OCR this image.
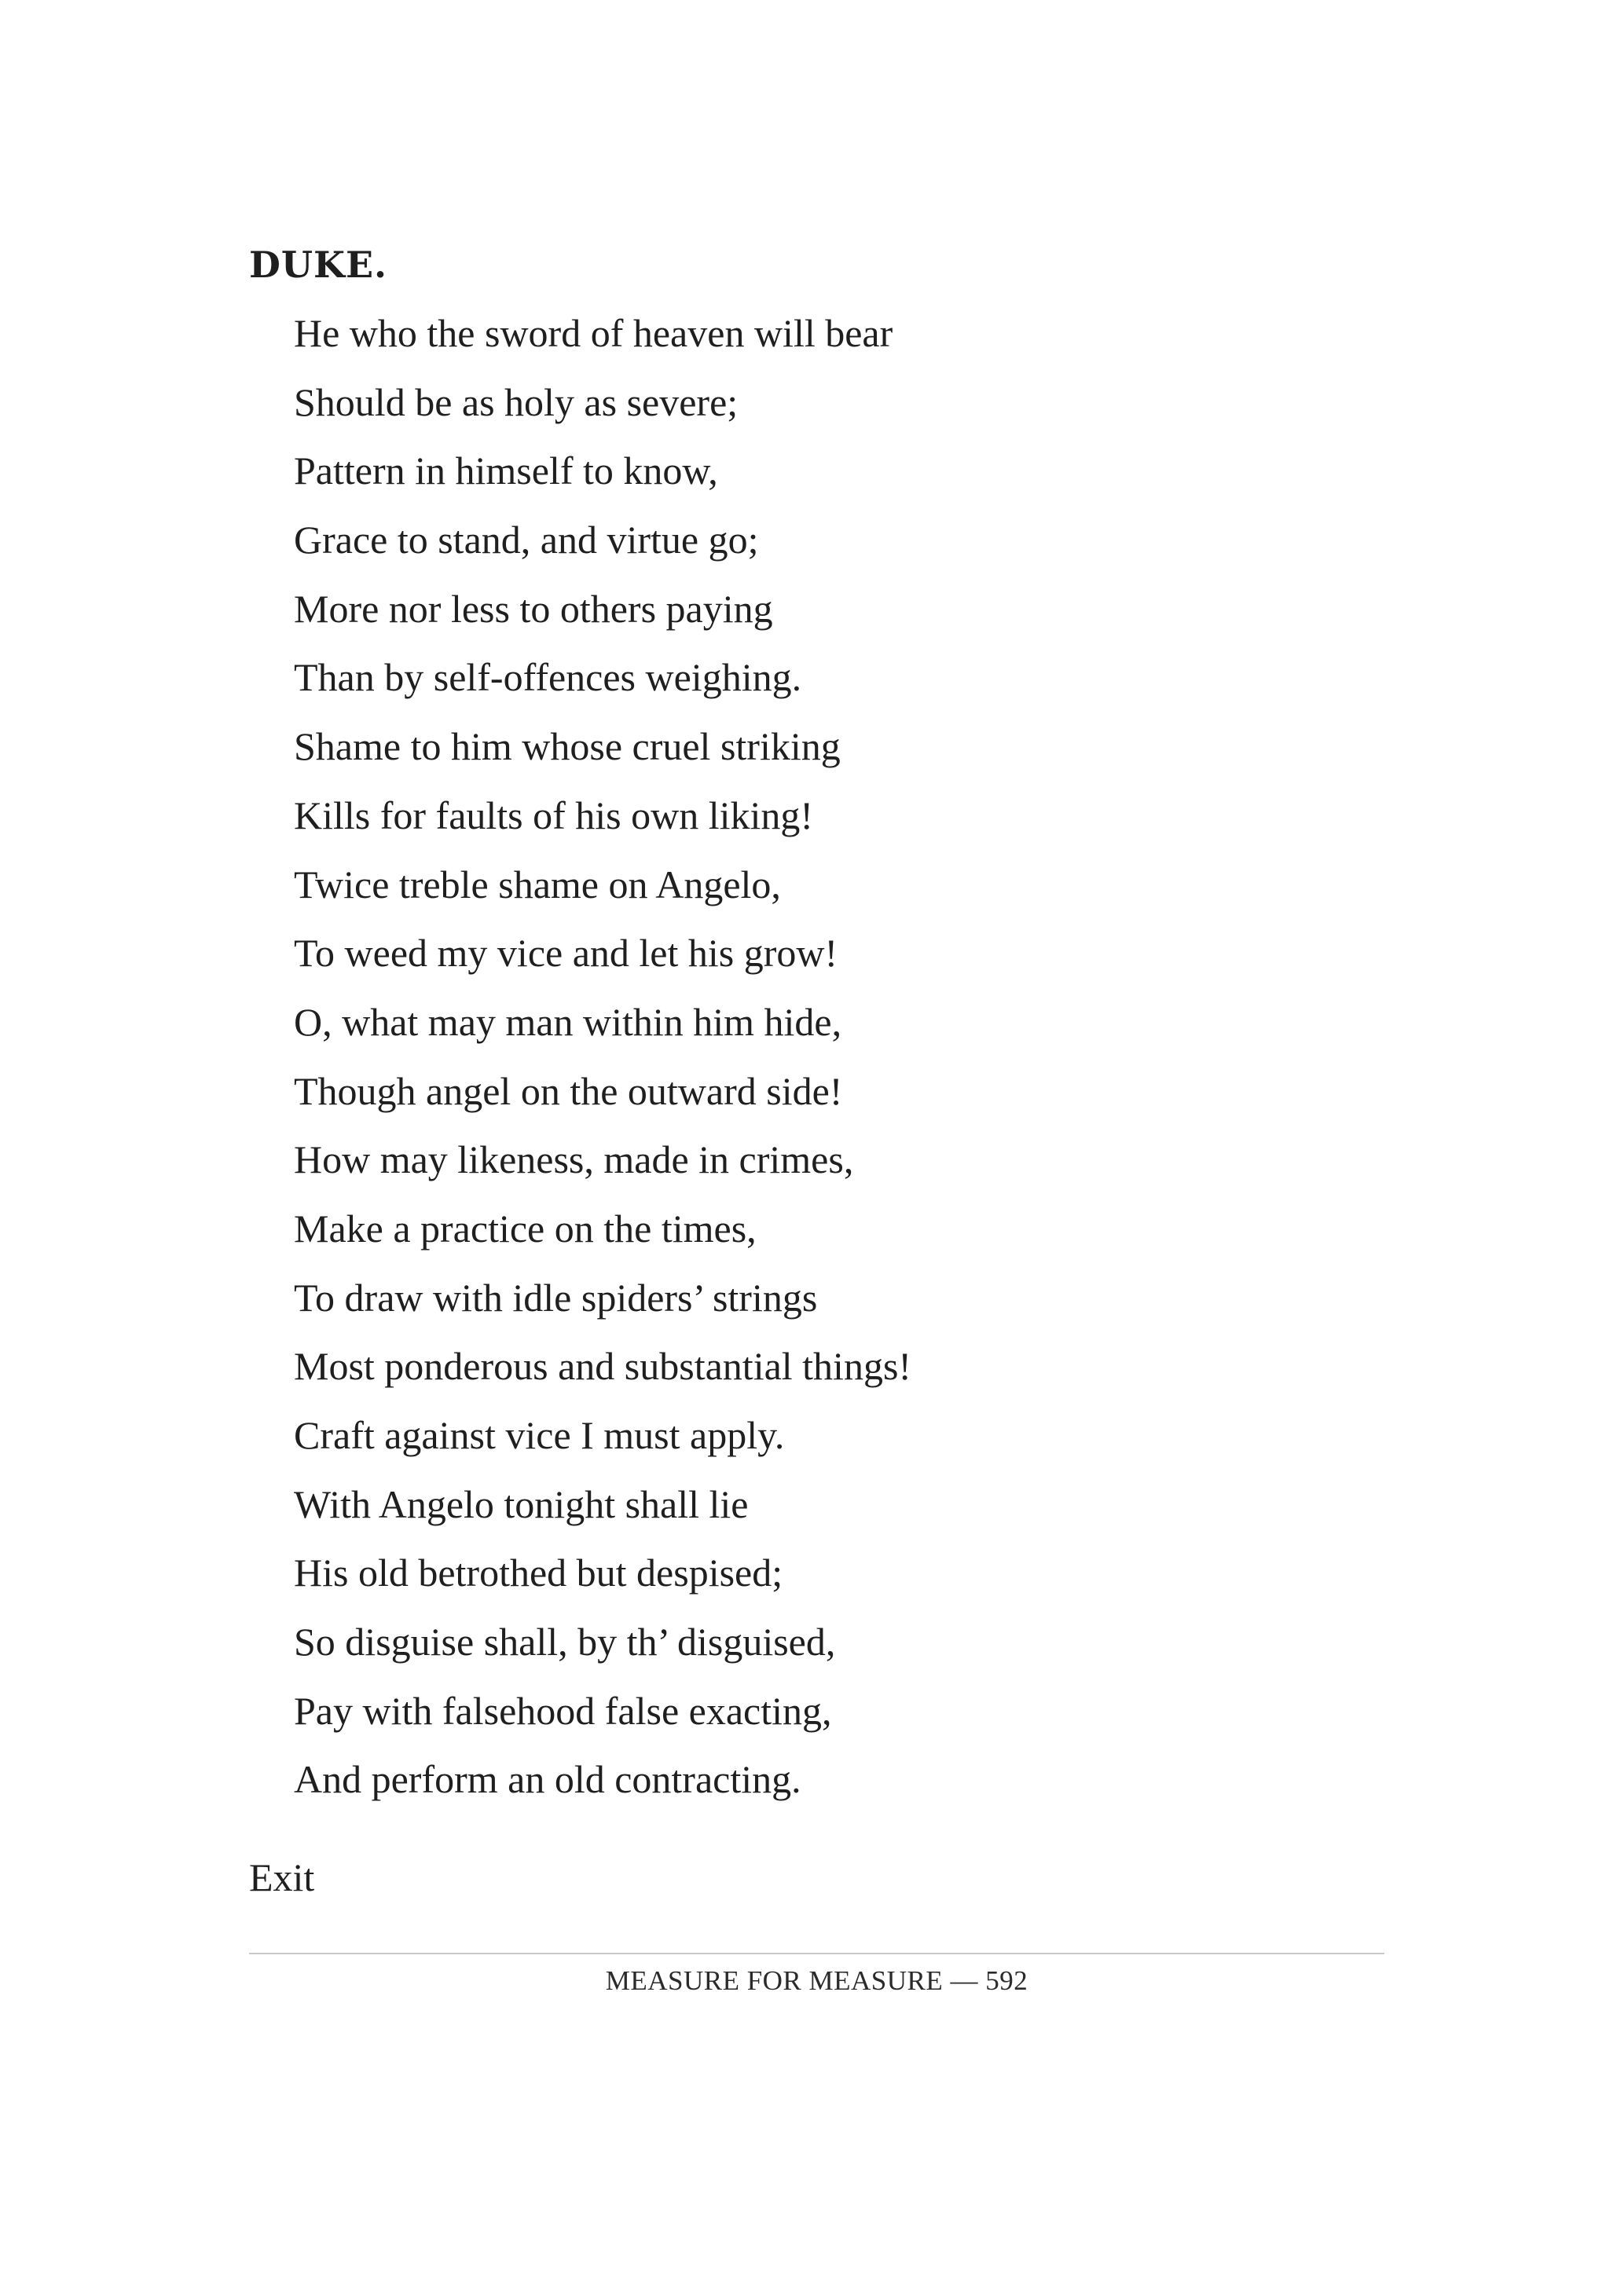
DUKE.
He who the sword of heaven will bear
Should be as holy as severe;
Pattern in himself to know,
Grace to stand, and virtue go;
More nor less to others paying
Than by self-offences weighing.
Shame to him whose cruel striking
Kills for faults of his own liking!
Twice treble shame on Angelo,
To weed my vice and let his grow!
O, what may man within him hide,
Though angel on the outward side!
How may likeness, made in crimes,
Make a practice on the times,
To draw with idle spiders’ strings
Most ponderous and substantial things!
Craft against vice I must apply.
With Angelo tonight shall lie
His old betrothed but despised;
So disguise shall, by th’ disguised,
Pay with falsehood false exacting,
And perform an old contracting.

Exit

MEASURE FOR MEASURE — 592
